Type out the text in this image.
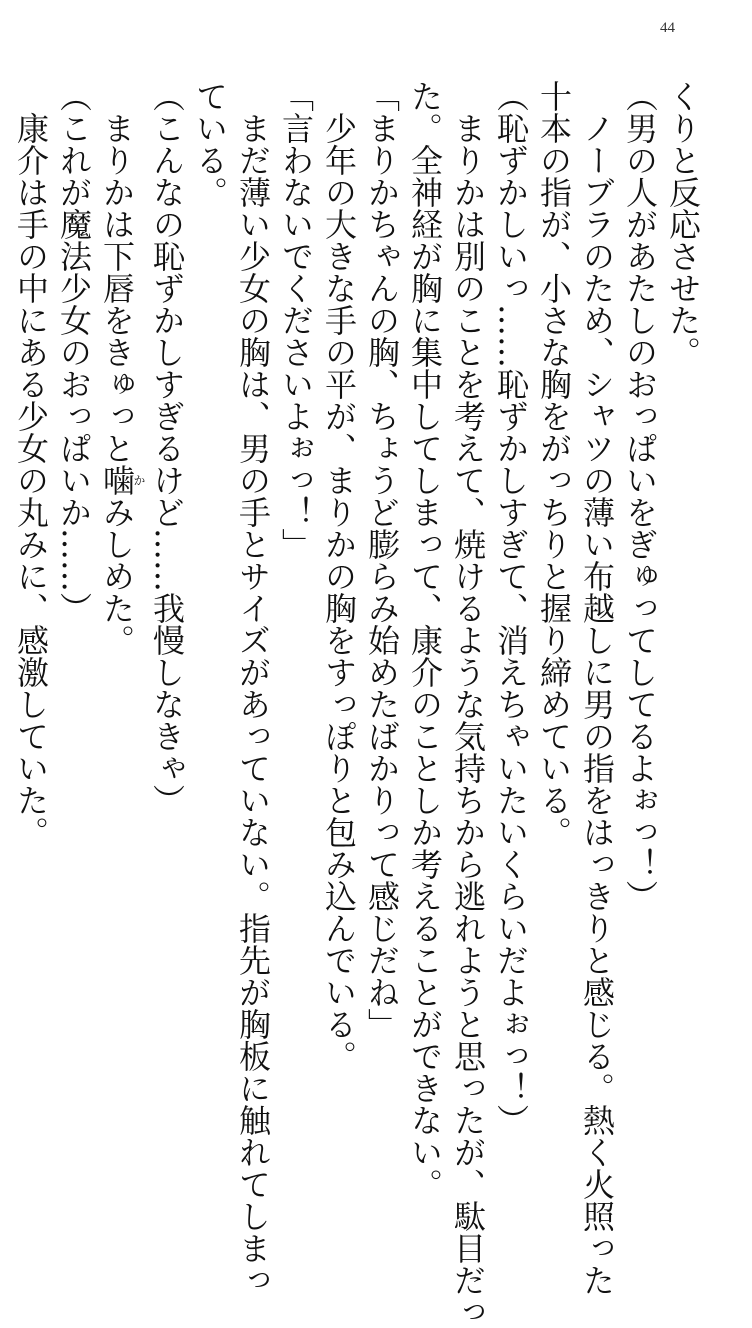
44
くりと反応させた。
（男の人があたしのおっぱいをぎゅってしてるよぉっ！）
ノーブラのため、シャツの薄い布越しに男の指をはっきりと感じる。熱く火照った
十本の指が、小さな胸をがっちりと握り締めている。
（恥ずかしいっ……恥ずかしすぎて、消えちゃいたいくらいだよぉっ！）
まりかは別のことを考えて、焼けるような気持ちから逃れようと思ったが、駄目だっ
た。全神経が胸に集中してしまって、康介のことしか考えることができない。
「まりかちゃんの胸、ちょうど膨らみ始めたばかりって感じだね」
少年の大きな手の平が、まりかの胸をすっぽりと包み込んでいる。
「言わないでくださいよぉっ！」
まだ薄い少女の胸は、男の手とサイズがあっていない。指先が胸板に触れてしまっ
ている。
（こんなの恥ずかしすぎるけど……我慢しなきゃ）
まりかは下唇をきゅっと噛かみしめた。
（これが魔法少女のおっぱいか……）
康介は手の中にある少女の丸みに、感激していた。
